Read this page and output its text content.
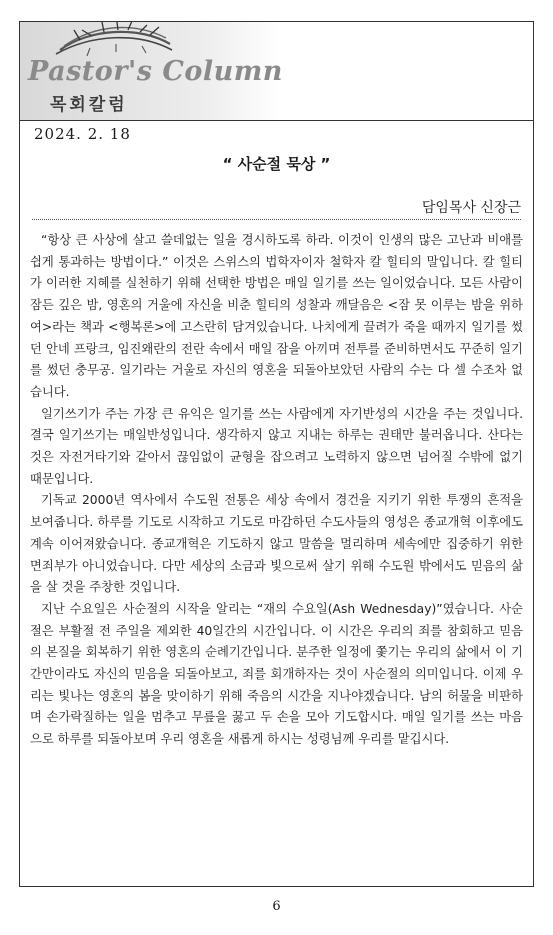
Pastor's Column
목회칼럼
2024. 2. 18
“ 사순절 묵상 ”
담임목사 신장근

“항상 큰 사상에 살고 쓸데없는 일을 경시하도록 하라. 이것이 인생의 많은 고난과 비애를 쉽게 통과하는 방법이다.” 이것은 스위스의 법학자이자 철학자 칼 힐티의 말입니다. 칼 힐티가 이러한 지혜를 실천하기 위해 선택한 방법은 매일 일기를 쓰는 일이었습니다. 모든 사람이 잠든 깊은 밤, 영혼의 거울에 자신을 비춘 힐티의 성찰과 깨달음은 <잠 못 이루는 밤을 위하여>라는 책과 <행복론>에 고스란히 담겨있습니다. 나치에게 끌려가 죽을 때까지 일기를 썼던 안네 프랑크, 임진왜란의 전란 속에서 매일 잠을 아끼며 전투를 준비하면서도 꾸준히 일기를 썼던 충무공. 일기라는 거울로 자신의 영혼을 되돌아보았던 사람의 수는 다 셀 수조차 없습니다.

일기쓰기가 주는 가장 큰 유익은 일기를 쓰는 사람에게 자기반성의 시간을 주는 것입니다. 결국 일기쓰기는 매일반성입니다. 생각하지 않고 지내는 하루는 권태만 불러옵니다. 산다는 것은 자전거타기와 같아서 끊임없이 균형을 잡으려고 노력하지 않으면 넘어질 수밖에 없기 때문입니다.

기독교 2000년 역사에서 수도원 전통은 세상 속에서 경건을 지키기 위한 투쟁의 흔적을 보여줍니다. 하루를 기도로 시작하고 기도로 마감하던 수도사들의 영성은 종교개혁 이후에도 계속 이어져왔습니다. 종교개혁은 기도하지 않고 말씀을 멀리하며 세속에만 집중하기 위한 면죄부가 아니었습니다. 다만 세상의 소금과 빛으로써 살기 위해 수도원 밖에서도 믿음의 삶을 살 것을 주창한 것입니다.

지난 수요일은 사순절의 시작을 알리는 “재의 수요일(Ash Wednesday)”였습니다. 사순절은 부활절 전 주일을 제외한 40일간의 시간입니다. 이 시간은 우리의 죄를 참회하고 믿음의 본질을 회복하기 위한 영혼의 순례기간입니다. 분주한 일정에 쫓기는 우리의 삶에서 이 기간만이라도 자신의 믿음을 되돌아보고, 죄를 회개하자는 것이 사순절의 의미입니다. 이제 우리는 빛나는 영혼의 봄을 맞이하기 위해 죽음의 시간을 지나야겠습니다. 남의 허물을 비판하며 손가락질하는 일을 멈추고 무릎을 꿇고 두 손을 모아 기도합시다. 매일 일기를 쓰는 마음으로 하루를 되돌아보며 우리 영혼을 새롭게 하시는 성령님께 우리를 맡깁시다.

6
